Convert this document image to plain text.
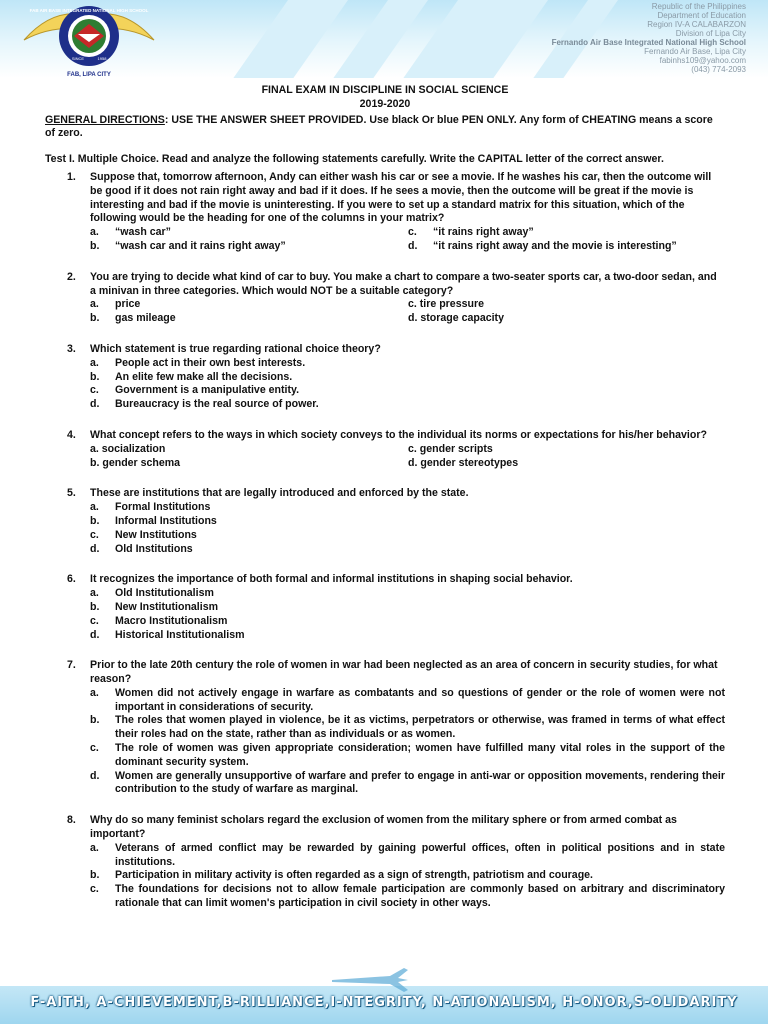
FAB AIR BASE INTEGRATED NATIONAL HIGH SCHOOL
SINCE	1958
FAB, LIPA CITY
Republic of the Philippines
Department of Education
Region IV-A CALABARZON
Division of Lipa City
Fernando Air Base Integrated National High School
Fernando Air Base, Lipa City
fabinhs109@yahoo.com
(043) 774-2093
FINAL EXAM IN DISCIPLINE IN SOCIAL SCIENCE
2019-2020
GENERAL DIRECTIONS: USE THE ANSWER SHEET PROVIDED. Use black Or blue PEN ONLY. Any form of CHEATING means a score of zero.
Test I. Multiple Choice. Read and analyze the following statements carefully. Write the CAPITAL letter of the correct answer.
1. Suppose that, tomorrow afternoon, Andy can either wash his car or see a movie. If he washes his car, then the outcome will be good if it does not rain right away and bad if it does. If he sees a movie, then the outcome will be great if the movie is interesting and bad if the movie is uninteresting. If you were to set up a standard matrix for this situation, which of the following would be the heading for one of the columns in your matrix?
a. “wash car”	c. “it rains right away”
b. “wash car and it rains right away”	d. “it rains right away and the movie is interesting”
2. You are trying to decide what kind of car to buy. You make a chart to compare a two-seater sports car, a two-door sedan, and a minivan in three categories. Which would NOT be a suitable category?
a. price	c. tire pressure
b. gas mileage	d. storage capacity
3. Which statement is true regarding rational choice theory?
a. People act in their own best interests.
b. An elite few make all the decisions.
c. Government is a manipulative entity.
d. Bureaucracy is the real source of power.
4. What concept refers to the ways in which society conveys to the individual its norms or expectations for his/her behavior?
a. socialization	c. gender scripts
b. gender schema	d. gender stereotypes
5. These are institutions that are legally introduced and enforced by the state.
a. Formal Institutions
b. Informal Institutions
c. New Institutions
d. Old Institutions
6. It recognizes the importance of both formal and informal institutions in shaping social behavior.
a. Old Institutionalism
b. New Institutionalism
c. Macro Institutionalism
d. Historical Institutionalism
7. Prior to the late 20th century the role of women in war had been neglected as an area of concern in security studies, for what reason?
a. Women did not actively engage in warfare as combatants and so questions of gender or the role of women were not important in considerations of security.
b. The roles that women played in violence, be it as victims, perpetrators or otherwise, was framed in terms of what effect their roles had on the state, rather than as individuals or as women.
c. The role of women was given appropriate consideration; women have fulfilled many vital roles in the support of the dominant security system.
d. Women are generally unsupportive of warfare and prefer to engage in anti-war or opposition movements, rendering their contribution to the study of warfare as marginal.
8. Why do so many feminist scholars regard the exclusion of women from the military sphere or from armed combat as important?
a. Veterans of armed conflict may be rewarded by gaining powerful offices, often in political positions and in state institutions.
b. Participation in military activity is often regarded as a sign of strength, patriotism and courage.
c. The foundations for decisions not to allow female participation are commonly based on arbitrary and discriminatory rationale that can limit women's participation in civil society in other ways.
F-AITH, A-CHIEVEMENT,B-RILLIANCE,I-NTEGRITY, N-ATIONALISM, H-ONOR,S-OLIDARITY
